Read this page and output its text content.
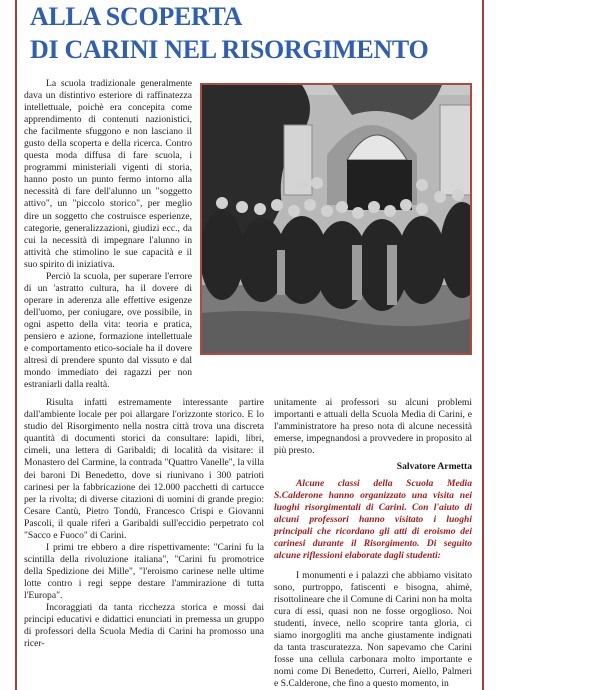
ALLA SCOPERTA
DI CARINI NEL RISORGIMENTO

La scuola tradizionale generalmente dava un distintivo esteriore di raffinatezza intellettuale, poichè era concepita come apprendimento di contenuti nazionistici, che facilmente sfuggono e non lasciano il gusto della scoperta e della ricerca. Contro questa moda diffusa di fare scuola, i programmi ministeriali vigenti di storia, hanno posto un punto fermo intorno alla necessità di fare dell'alunno un "soggetto attivo", un "piccolo storico", per meglio dire un soggetto che costruisce esperienze, categorie, generalizzazioni, giudizi ecc., da cui la necessità di impegnare l'alunno in attività che stimolino le sue capacità e il suo spirito di iniziativa.

Perciò la scuola, per superare l'errore di un 'astratto cultura, ha il dovere di operare in aderenza alle effettive esigenze dell'uomo, per coniugare, ove possibile, in ogni aspetto della vita: teoria e pratica, pensiero e azione, formazione intellettuale e comportamento etico-sociale ha il dovere altresì di prendere spunto dal vissuto e dal mondo immediato dei ragazzi per non estraniarli dalla realtà.

Risulta infatti estremamente interessante partire dall'ambiente locale per poi allargare l'orizzonte storico. E lo studio del Risorgimento nella nostra città trova una discreta quantità di documenti storici da consultare: lapidi, libri, cimeli, una lettera di Garibaldi; di località da visitare: il Monastero del Carmine, la contrada "Quattro Vanelle", la villa dei baroni Di Benedetto, dove si riunivano i 300 patrioti carinesi per la fabbricazione dei 12.000 pacchetti di cartucce per la rivolta; di diverse citazioni di uomini di grande pregio: Cesare Cantù, Pietro Tondù, Francesco Crispi e Giovanni Pascoli, il quale riferì a Garibaldi sull'eccidio perpetrato col "Sacco e Fuoco" di Carini.

I primi tre ebbero a dire rispettivamente: "Carini fu la scintilla della rivoluzione italiana", "Carini fu promotrice della Spedizione dei Mille", "l'eroismo carinese nelle ultime lotte contro i regi seppe destare l'ammirazione di tutta l'Europa".

Incoraggiati da tanta ricchezza storica e mossi dai principi educativi e didattici enunciati in premessa un gruppo di professori della Scuola Media di Carini ha promosso una ricer-

unitamente ai professori su alcuni problemi importanti e attuali della Scuola Media di Carini, e l'amministratore ha preso nota di alcune necessità emerse, impegnandosi a provvedere in proposito al più presto.

Salvatore Armetta

Alcune classi della Scuola Media S.Calderone hanno organizzato una visita nei luoghi risorgimentali di Carini. Con l'aiuto di alcuni professori hanno visitato i luoghi principali che ricordano gli atti di eroismo dei carinesi durante il Risorgimento. Di seguito alcune riflessioni elaborate dagli studenti:

I monumenti e i palazzi che abbiamo visitato sono, purtroppo, fatiscenti e bisogna, ahimè, risottolineare che il Comune di Carini non ha molta cura di essi, quasi non ne fosse orgoglioso. Noi studenti, invece, nello scoprire tanta gloria, ci siamo inorgogliti ma anche giustamente indignati da tanta trascuratezza. Non sapevamo che Carini fosse una cellula carbonara molto importante e nomi come Di Benedetto, Curreri, Aiello, Palmeri e S.Calderone, che fino a questo momento, in
